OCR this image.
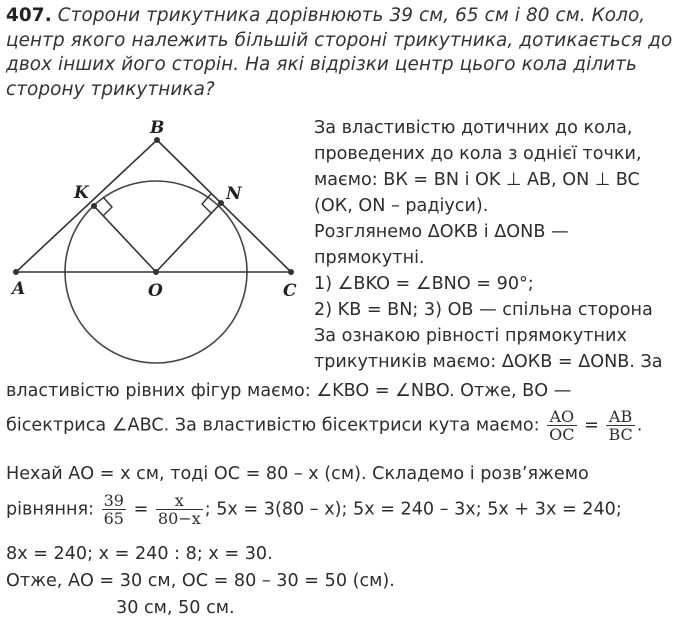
407. Сторони трикутника дорівнюють 39 см, 65 см і 80 см. Коло, центр якого належить більшій стороні трикутника, дотикається до двох інших його сторін. На які відрізки центр цього кола ділить сторону трикутника?
B
K	N
A	O	C
За властивістю дотичних до кола,
проведених до кола з однієї точки,
маємо: ВК = BN і OK ⊥ AB, ON ⊥ BC
(ОК, ON – радіуси).
Розглянемо ΔОКВ і ΔONB —
прямокутні.
1) ∠BKO = ∠BNO = 90°;
2) KB = BN; 3) OB — спільна сторона
За ознакою рівності прямокутних
трикутників маємо: ΔОКВ = ΔONB. За
властивістю рівних фігур маємо: ∠KBO = ∠NBO. Отже, ВО —
бісектриса ∠ABC. За властивістю бісектриси кута маємо: $\frac{AO}{OC} = \frac{AB}{BC}$ .
Нехай АО = х см, тоді ОС = 80 – х (см). Складемо і розв’яжемо
рівняння: $\frac{39}{65} = \frac{x}{80-x}$ ; 5x = 3(80 – x); 5x = 240 – 3x; 5x + 3x = 240;
8x = 240; x = 240 : 8; x = 30.
Отже, АО = 30 см, ОС = 80 – 30 = 50 (см).
30 см, 50 см.
